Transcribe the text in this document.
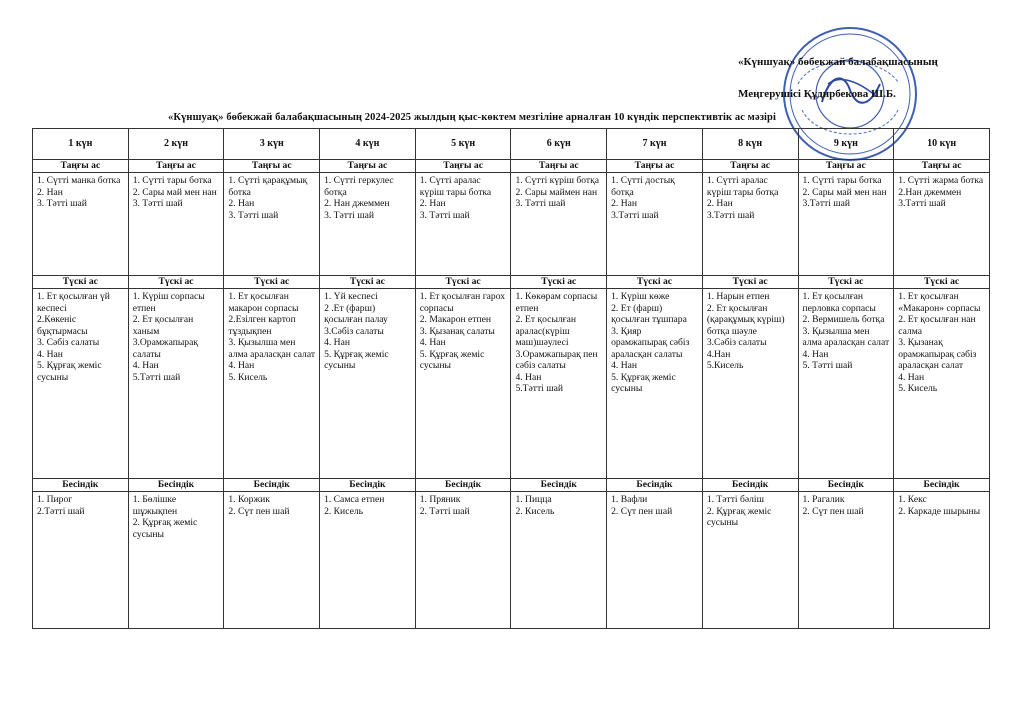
«Күншуақ» бөбекжай балабақшасының
Меңгерушісі Құдирбекова Ш.Б.
«Күншуақ» бөбекжай балабақшасының 2024-2025 жылдың қыс-көктем мезгіліне арналған 10 күндік перспективтік ас мәзірі
1 күн	2 күн	3 күн	4 күн	5 күн	6 күн	7 күн	8 күн	9 күн	10 күн
Таңғы ас	Таңғы ас	Таңғы ас	Таңғы ас	Таңғы ас	Таңғы ас	Таңғы ас	Таңғы ас	Таңғы ас	Таңғы ас

1. Сүтті манка ботка
2. Нан
3. Тәтті шай	1. Сүтті тары ботка
2. Сары май мен нан
3. Тәтті шай	1. Сүтті қарақұмық ботка
2. Нан
3. Тәтті шай	1. Сүтті геркулес ботқа
2. Нан джеммен
3. Тәтті шай	1. Сүтті аралас күріш тары ботка
2. Нан
3. Тәтті шай	1. Сүтті күріш ботқа
2. Сары маймен нан
3. Тәтті шай	1. Сүтті достық ботқа
2. Нан
3.Тәтті шай	1. Сүтті аралас күріш тары ботқа
2. Нан
3.Тәтті шай	1. Сүтті тары ботка
2. Сары май мен нан
3.Тәтті шай	1. Сүтті жарма ботка
2.Нан джеммен
3.Тәтті шай

Түскі ас	Түскі ас	Түскі ас	Түскі ас	Түскі ас	Түскі ас	Түскі ас	Түскі ас	Түскі ас	Түскі ас

1. Ет қосылған үй кеспесі
2.Көкеніс бұқтырмасы
3. Сәбіз салаты
4. Нан
5. Құрғақ жеміс сусыны	1. Күріш сорпасы етпен
2. Ет қосылған ханым
3.Орамжапырақ салаты
4. Нан
5.Тәтті шай	1. Ет қосылған макарон сорпасы
2.Езілген картоп тұздықпен
3. Қызылша мен алма араласқан салат
4. Нан
5. Кисель	1. Үй кеспесі
2 .Ет (фарш) қосылған палау
3.Сәбіз салаты
4. Нан
5. Құрғақ жеміс сусыны	1. Ет қосылған гарох сорпасы
2. Макарон етпен
3. Қызанақ салаты
4. Нан
5. Құрғақ жеміс сусыны	1. Көкөрам сорпасы етпен
2. Ет қосылған аралас(күріш маш)шәулесі
3.Орамжапырақ пен сәбіз салаты
4. Нан
5.Тәтті шай	1. Күріш көже
2. Ет (фарш) қосылған тұшпара
3. Қияр орамжапырақ сәбіз араласқан салаты
4. Нан
5. Құрғақ жеміс сусыны	1. Нарын етпен
2. Ет қосылған (қарақұмық күріш) ботқа шәуле
3.Сәбіз салаты
4.Нан
5.Кисель	1. Ет қосылған перловка сорпасы
2. Вермишель ботқа
3. Қызылша мен алма араласқан салат
4. Нан
5. Тәтті шай	1. Ет қосылған «Макарон» сорпасы
2. Ет қосылған нан салма
3. Қызанақ орамжапырақ сәбіз араласқан салат
4. Нан
5. Кисель

Бесіндік	Бесіндік	Бесіндік	Бесіндік	Бесіндік	Бесіндік	Бесіндік	Бесіндік	Бесіндік	Бесіндік

1. Пирог
2.Тәтті шай	1. Бөлішке шұжықпен
2. Құрғақ жеміс сусыны	1. Коржик
2. Сүт пен шай	1. Самса етпен
2. Кисель	1. Пряник
2. Тәтті шай	1. Пицца
2. Кисель	1. Вафли
2. Сүт пен шай	1. Тәтті бәліш
2. Құрғақ жеміс сусыны	1. Рагалик
2. Сүт пен шай	1. Кекс
2. Каркаде шырыны
